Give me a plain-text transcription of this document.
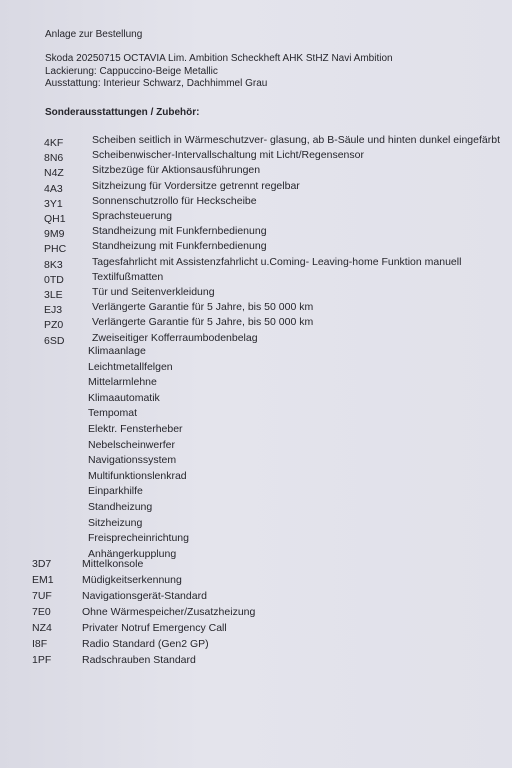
Anlage zur Bestellung
Skoda 20250715 OCTAVIA Lim. Ambition Scheckheft AHK StHZ Navi Ambition
Lackierung: Cappuccino-Beige Metallic
Ausstattung: Interieur Schwarz, Dachhimmel Grau
Sonderausstattungen / Zubehör:
4KF	Scheiben seitlich in Wärmeschutzver- glasung, ab B-Säule und hinten dunkel eingefärbt
8N6	Scheibenwischer-Intervallschaltung mit Licht/Regensensor
N4Z	Sitzbezüge für Aktionsausführungen
4A3	Sitzheizung für Vordersitze getrennt regelbar
3Y1	Sonnenschutzrollo für Heckscheibe
QH1	Sprachsteuerung
9M9	Standheizung mit Funkfernbedienung
PHC Standheizung mit Funkfernbedienung
8K3	Tagesfahrlicht mit Assistenzfahrlicht u.Coming- Leaving-home Funktion manuell
0TD	Textilfußmatten
3LE	Tür und Seitenverkleidung
EJ3	Verlängerte Garantie für 5 Jahre, bis 50 000 km
PZ0	Verlängerte Garantie für 5 Jahre, bis 50 000 km
6SD	Zweiseitiger Kofferraumbodenbelag
Klimaanlage
Leichtmetallfelgen
Mittelarmlehne
Klimaautomatik
Tempomat
Elektr. Fensterheber
Nebelscheinwerfer
Navigationssystem
Multifunktionslenkrad
Einparkhilfe
Standheizung
Sitzheizung
Freisprecheinrichtung
Anhängerkupplung
3D7	Mittelkonsole
EM1	Müdigkeitserkennung
7UF	Navigationsgerät-Standard
7E0	Ohne Wärmespeicher/Zusatzheizung
NZ4	Privater Notruf Emergency Call
I8F	Radio Standard (Gen2 GP)
1PF	Radschrauben Standard
